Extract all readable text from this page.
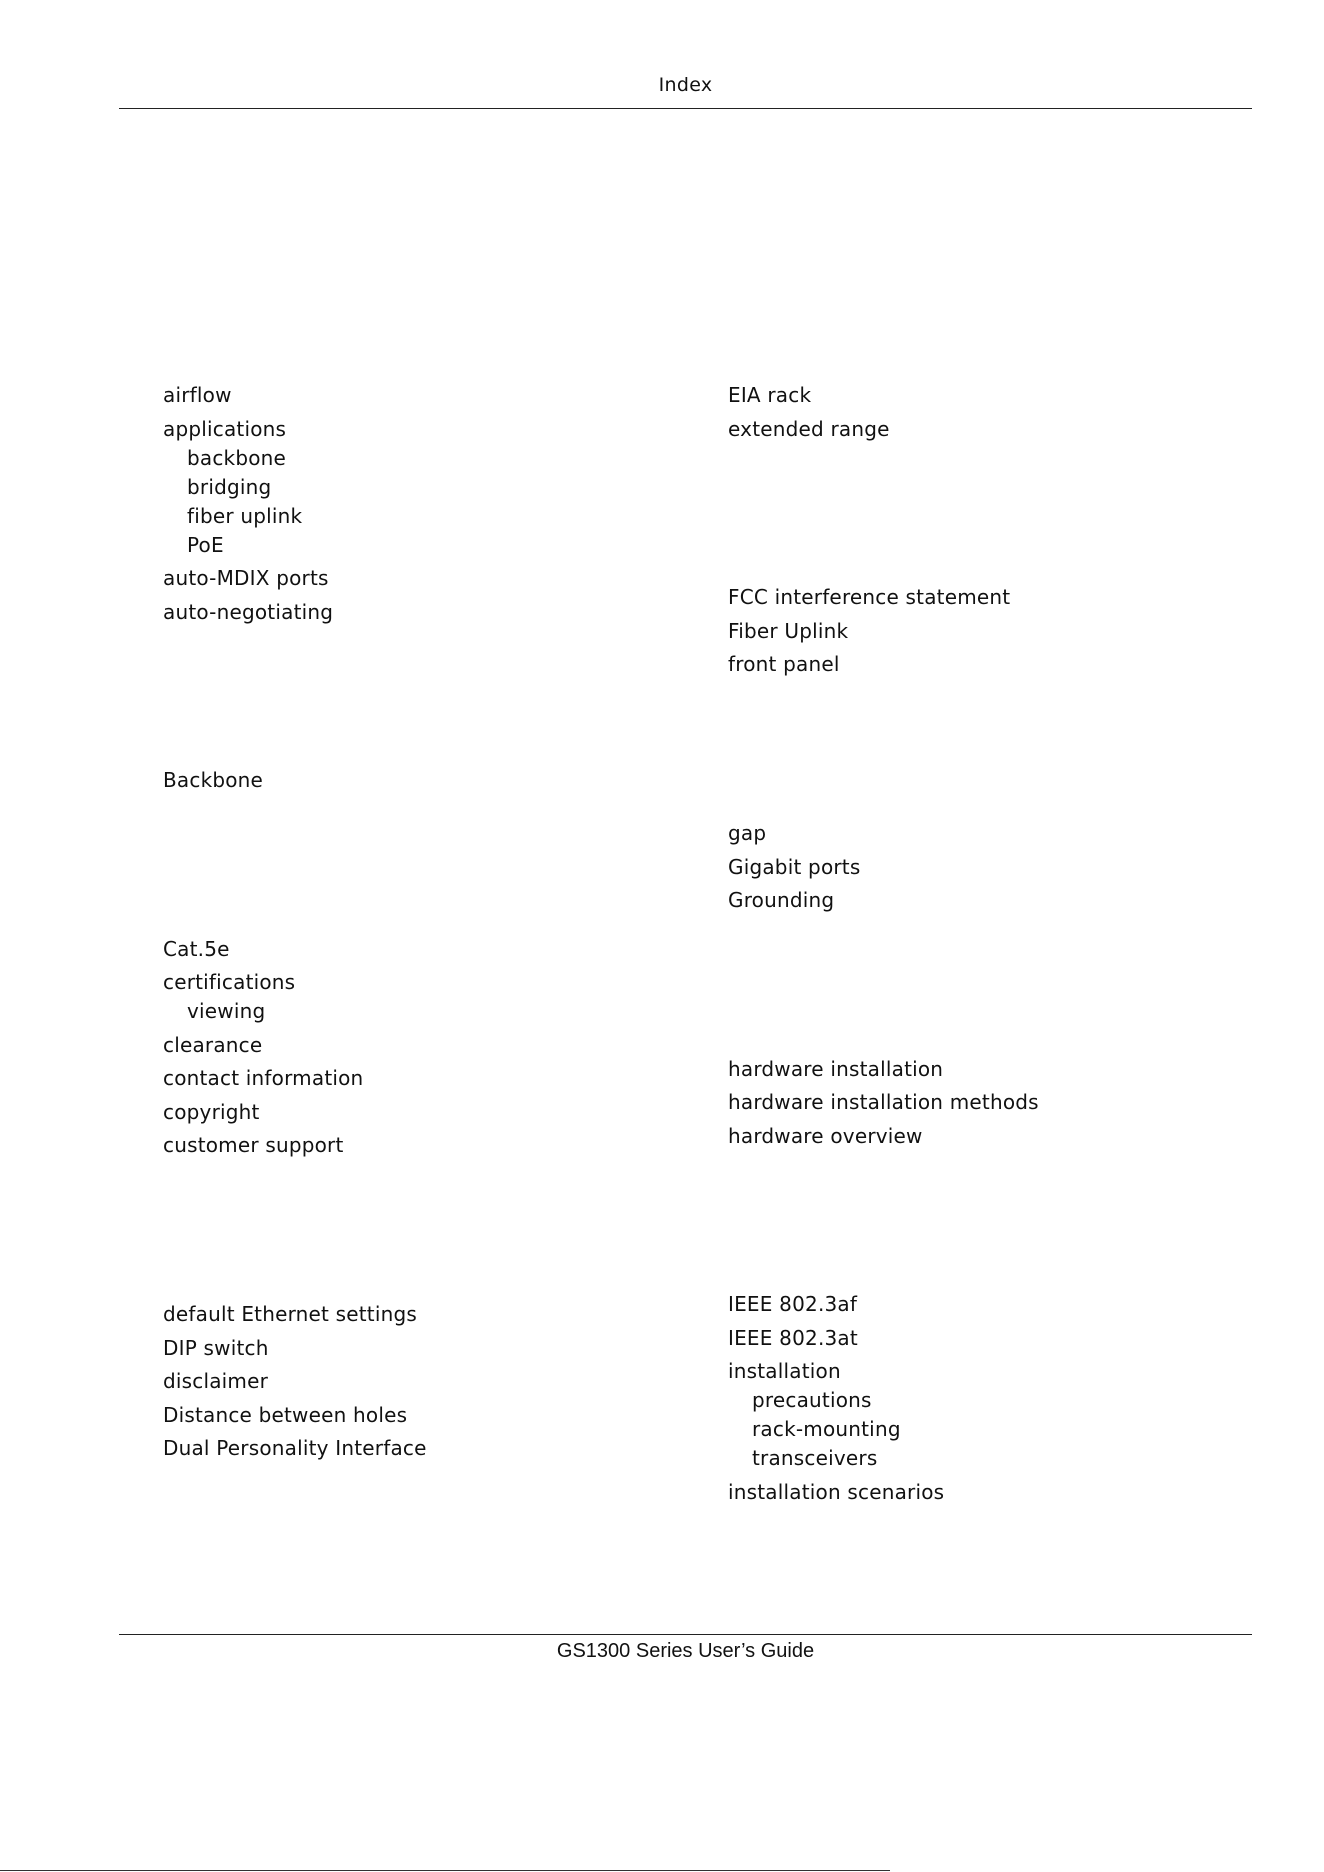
Index
airflow
applications
backbone
bridging
fiber uplink
PoE
auto-MDIX ports
auto-negotiating
Backbone
Cat.5e
certifications
viewing
clearance
contact information
copyright
customer support
default Ethernet settings
DIP switch
disclaimer
Distance between holes
Dual Personality Interface
EIA rack
extended range
FCC interference statement
Fiber Uplink
front panel
gap
Gigabit ports
Grounding
hardware installation
hardware installation methods
hardware overview
IEEE 802.3af
IEEE 802.3at
installation
precautions
rack-mounting
transceivers
installation scenarios
GS1300 Series User’s Guide
